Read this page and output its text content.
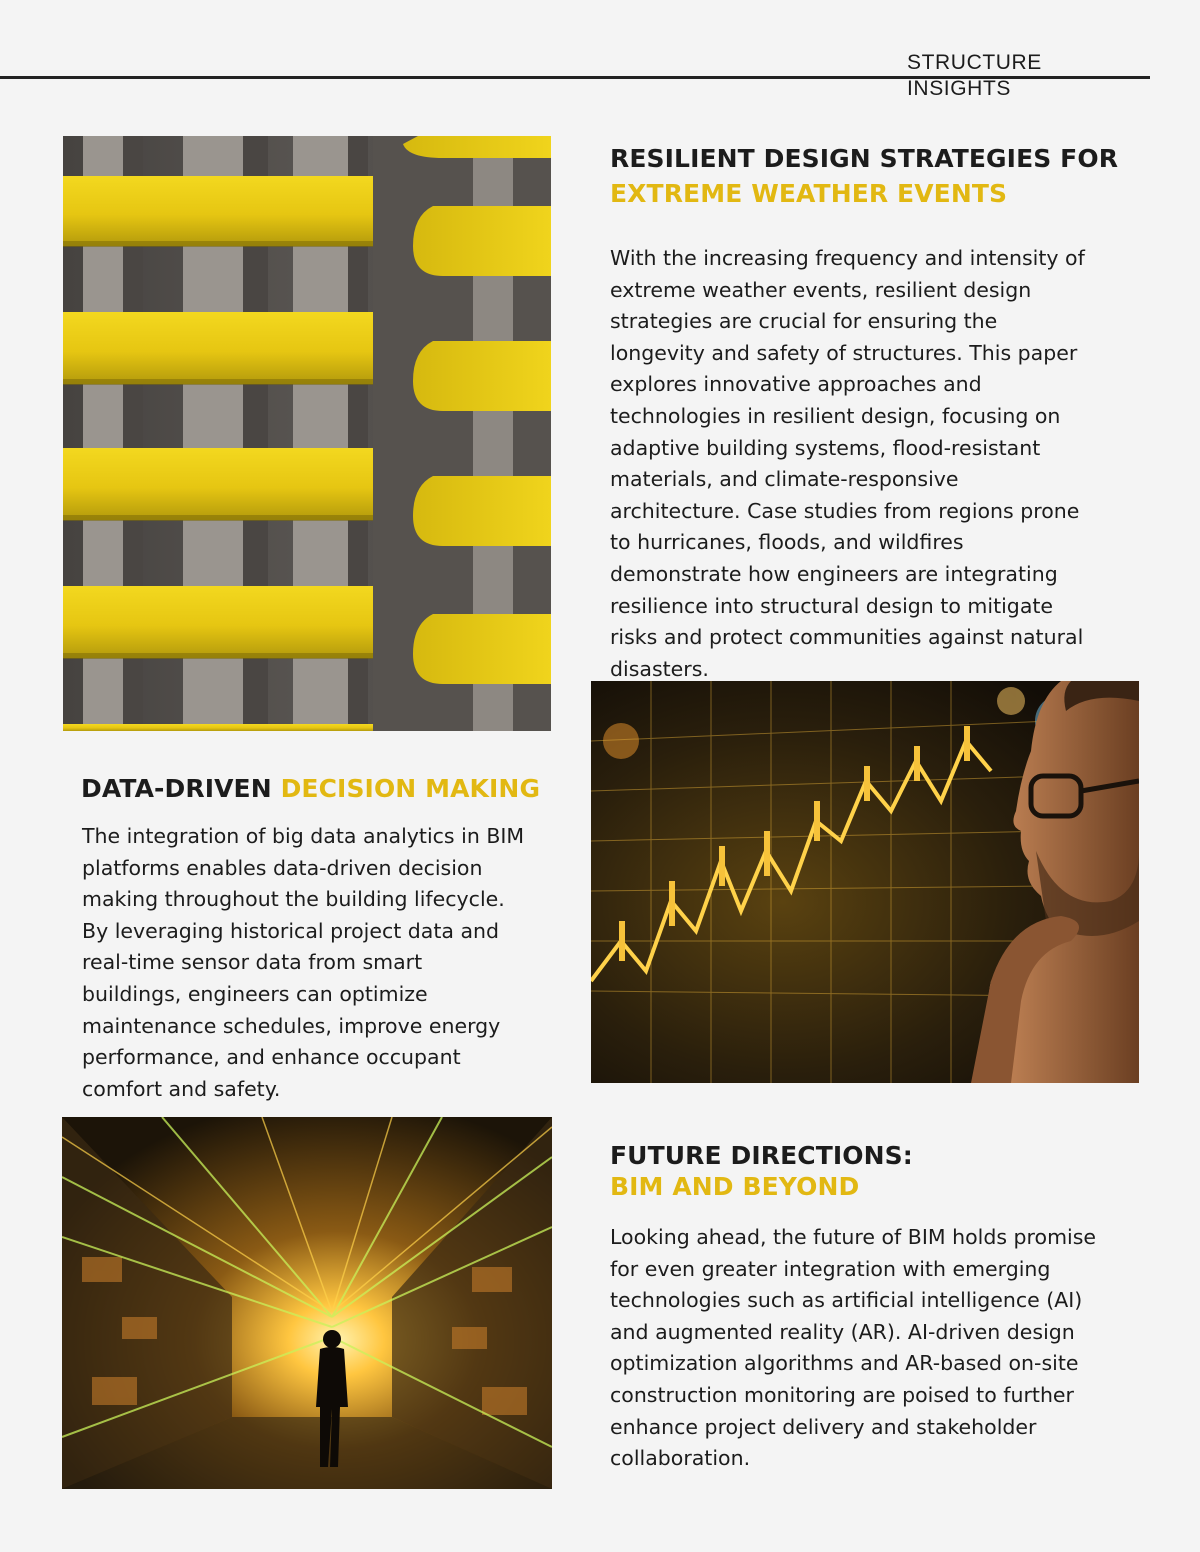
STRUCTURE
INSIGHTS
RESILIENT DESIGN STRATEGIES FOR
EXTREME WEATHER EVENTS
With the increasing frequency and intensity of
extreme weather events, resilient design
strategies are crucial for ensuring the
longevity and safety of structures. This paper
explores innovative approaches and
technologies in resilient design, focusing on
adaptive building systems, flood-resistant
materials, and climate-responsive
architecture. Case studies from regions prone
to hurricanes, floods, and wildfires
demonstrate how engineers are integrating
resilience into structural design to mitigate
risks and protect communities against natural
disasters.
DATA-DRIVEN DECISION MAKING
The integration of big data analytics in BIM
platforms enables data-driven decision
making throughout the building lifecycle.
By leveraging historical project data and
real-time sensor data from smart
buildings, engineers can optimize
maintenance schedules, improve energy
performance, and enhance occupant
comfort and safety.
FUTURE DIRECTIONS:
BIM AND BEYOND
Looking ahead, the future of BIM holds promise
for even greater integration with emerging
technologies such as artificial intelligence (AI)
and augmented reality (AR). AI-driven design
optimization algorithms and AR-based on-site
construction monitoring are poised to further
enhance project delivery and stakeholder
collaboration.
